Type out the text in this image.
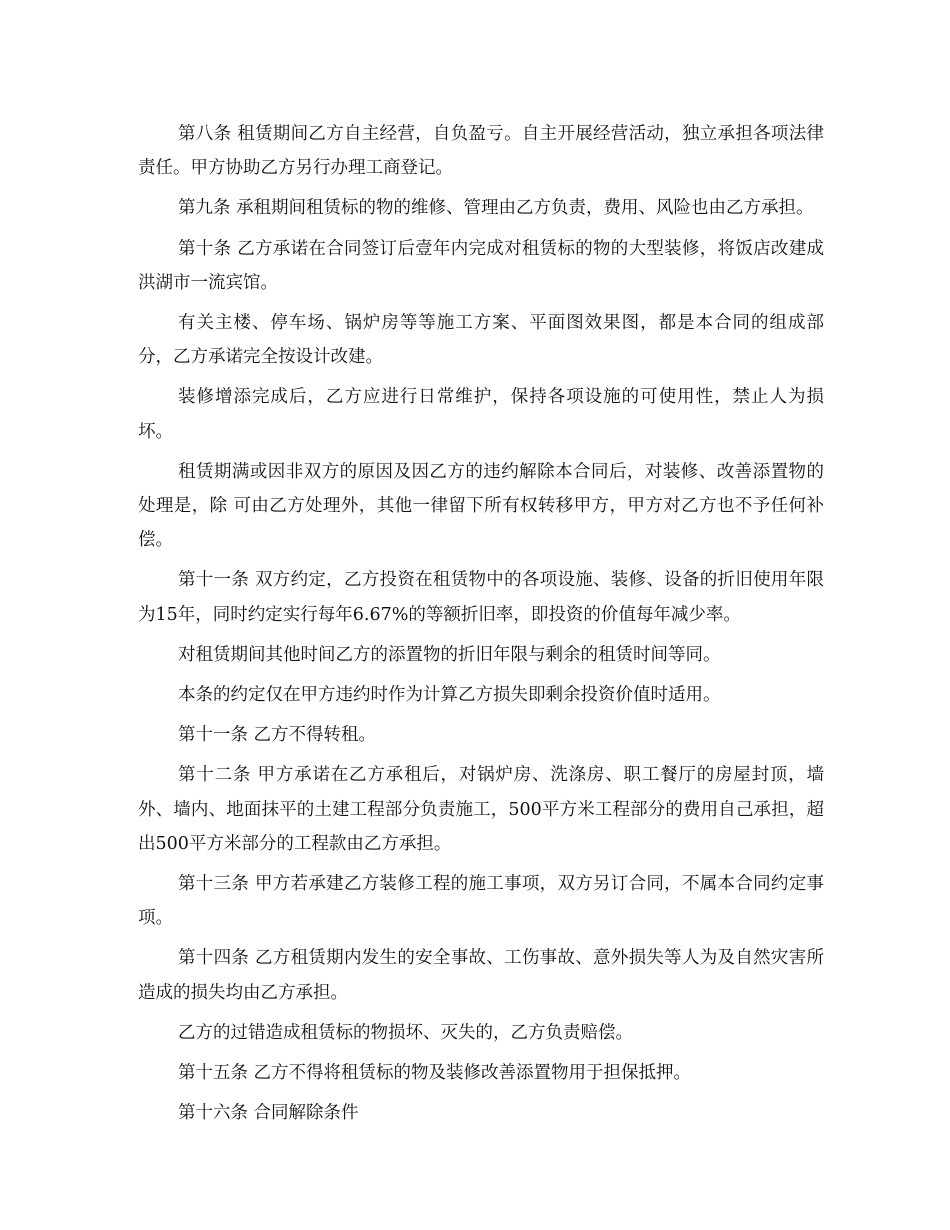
第八条 租赁期间乙方自主经营，自负盈亏。自主开展经营活动，独立承担各项法律责任。甲方协助乙方另行办理工商登记。

第九条 承租期间租赁标的物的维修、管理由乙方负责，费用、风险也由乙方承担。

第十条 乙方承诺在合同签订后壹年内完成对租赁标的物的大型装修，将饭店改建成洪湖市一流宾馆。

有关主楼、停车场、锅炉房等等施工方案、平面图效果图，都是本合同的组成部分，乙方承诺完全按设计改建。

装修增添完成后，乙方应进行日常维护，保持各项设施的可使用性，禁止人为损坏。

租赁期满或因非双方的原因及因乙方的违约解除本合同后，对装修、改善添置物的处理是，除 可由乙方处理外，其他一律留下所有权转移甲方，甲方对乙方也不予任何补偿。

第十一条 双方约定，乙方投资在租赁物中的各项设施、装修、设备的折旧使用年限为15年，同时约定实行每年6.67%的等额折旧率，即投资的价值每年减少率。

对租赁期间其他时间乙方的添置物的折旧年限与剩余的租赁时间等同。

本条的约定仅在甲方违约时作为计算乙方损失即剩余投资价值时适用。

第十一条 乙方不得转租。

第十二条 甲方承诺在乙方承租后，对锅炉房、洗涤房、职工餐厅的房屋封顶，墙外、墙内、地面抹平的土建工程部分负责施工，500平方米工程部分的费用自己承担，超出500平方米部分的工程款由乙方承担。

第十三条 甲方若承建乙方装修工程的施工事项，双方另订合同，不属本合同约定事项。

第十四条 乙方租赁期内发生的安全事故、工伤事故、意外损失等人为及自然灾害所造成的损失均由乙方承担。

乙方的过错造成租赁标的物损坏、灭失的，乙方负责赔偿。

第十五条 乙方不得将租赁标的物及装修改善添置物用于担保抵押。

第十六条 合同解除条件
